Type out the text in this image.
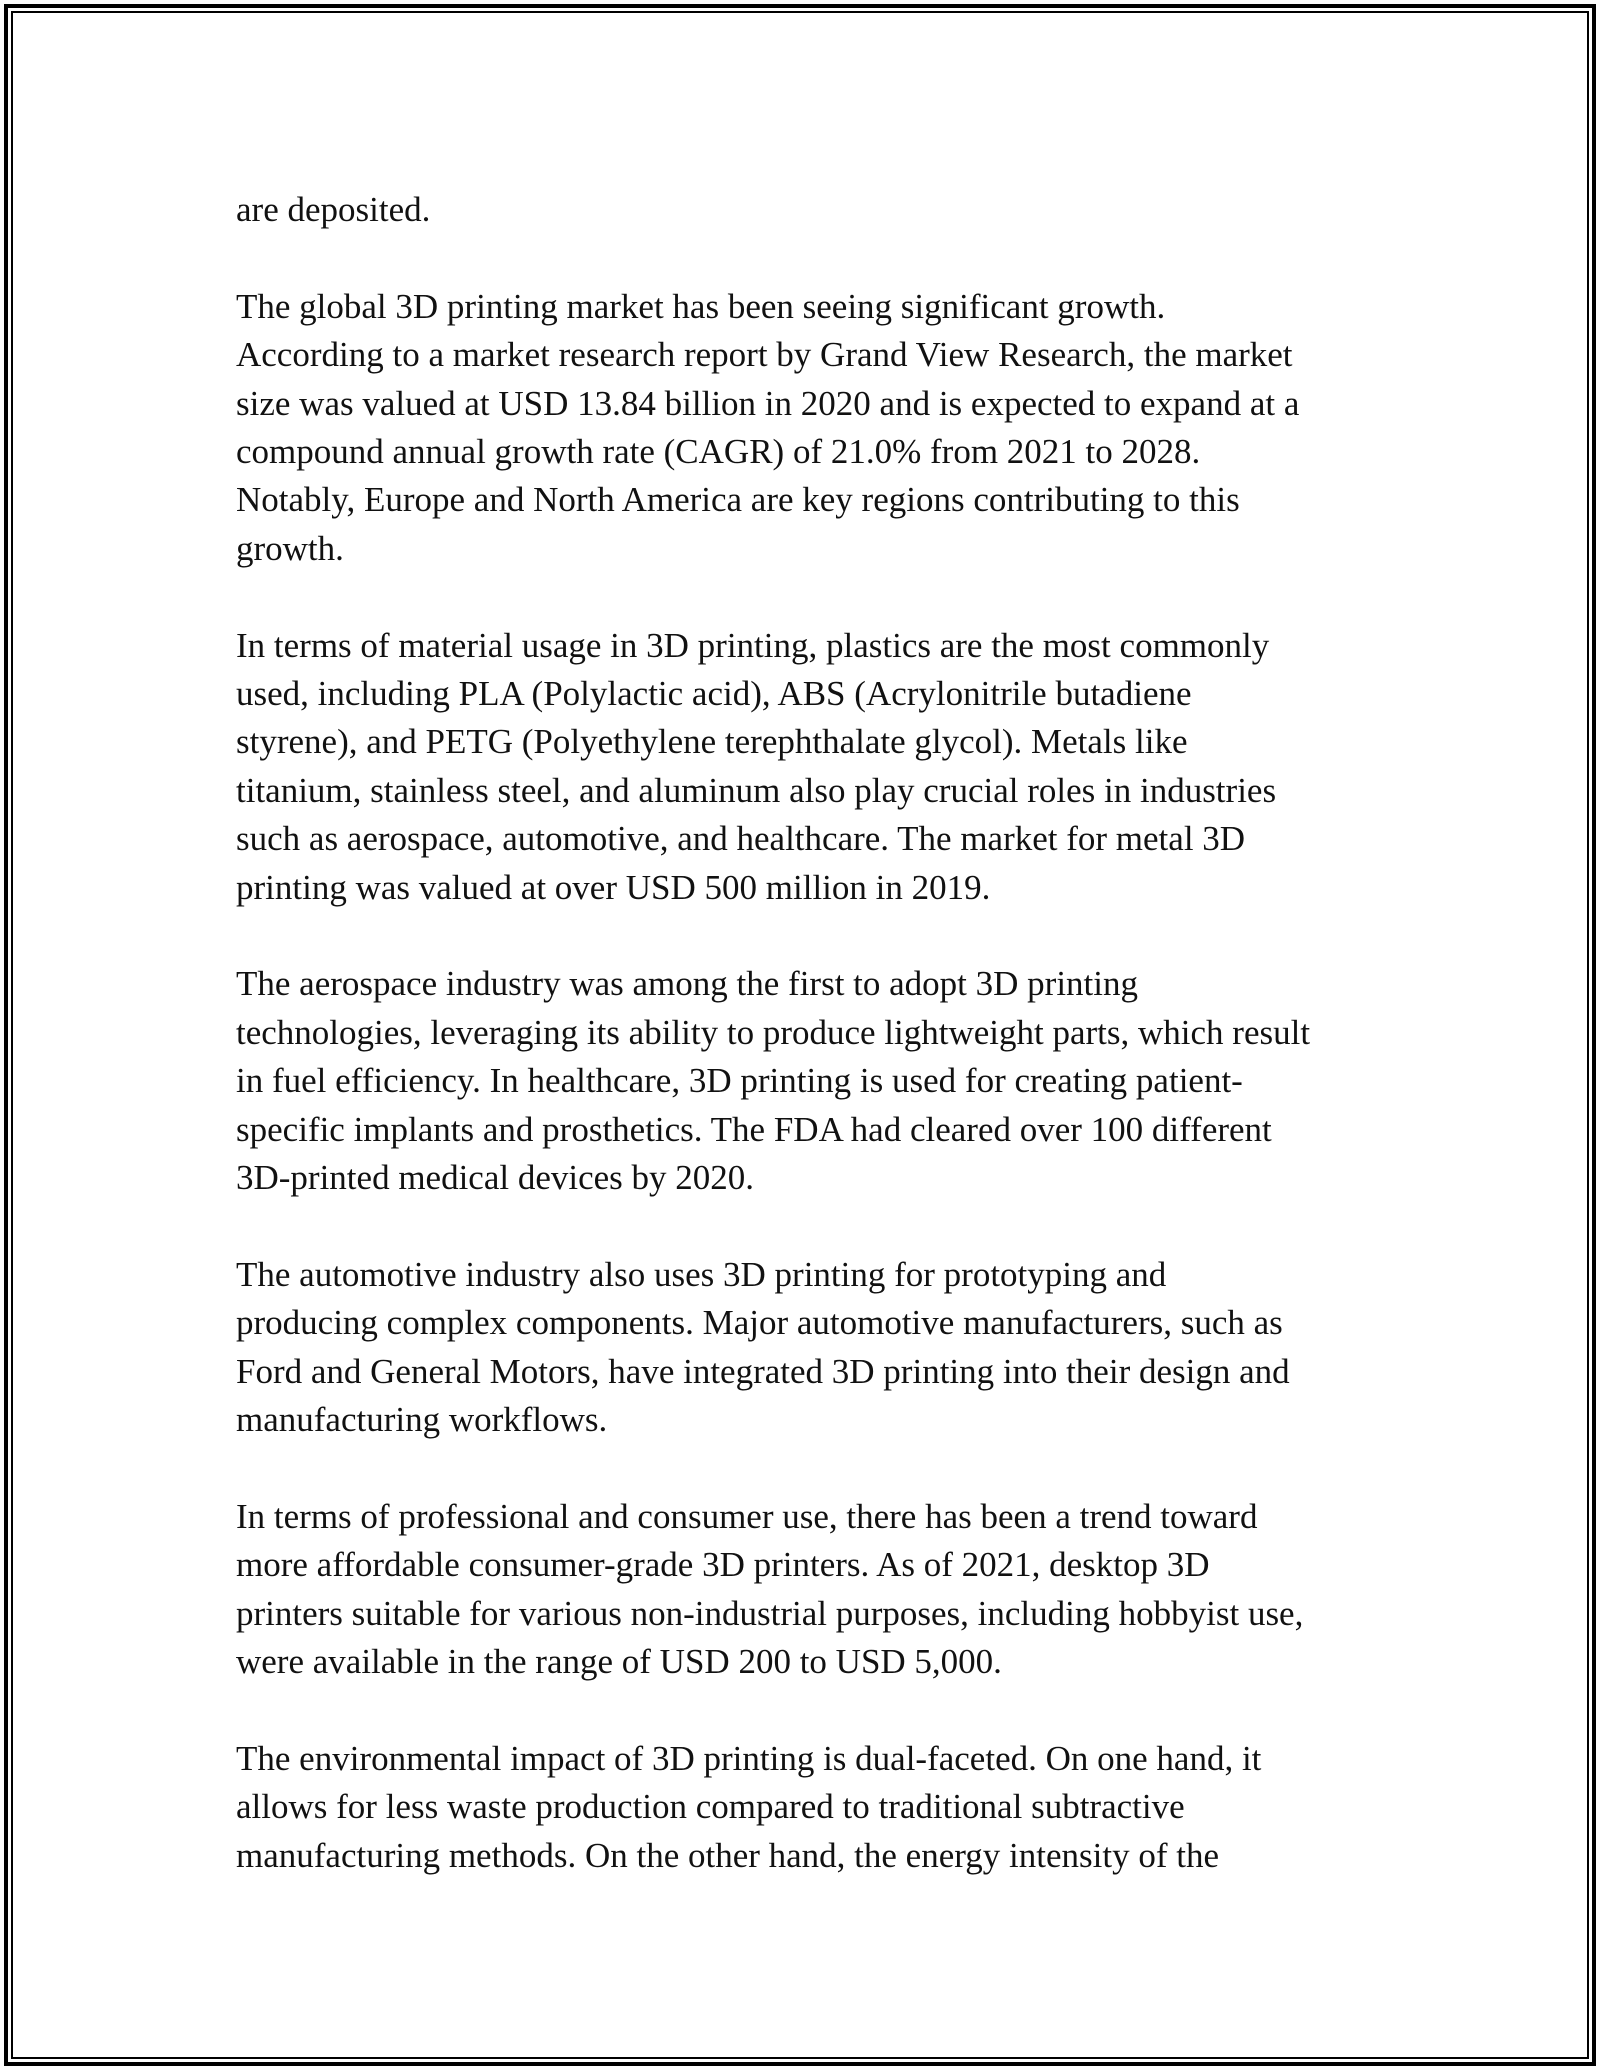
are deposited.
The global 3D printing market has been seeing significant growth.
According to a market research report by Grand View Research, the market
size was valued at USD 13.84 billion in 2020 and is expected to expand at a
compound annual growth rate (CAGR) of 21.0% from 2021 to 2028.
Notably, Europe and North America are key regions contributing to this
growth.
In terms of material usage in 3D printing, plastics are the most commonly
used, including PLA (Polylactic acid), ABS (Acrylonitrile butadiene
styrene), and PETG (Polyethylene terephthalate glycol). Metals like
titanium, stainless steel, and aluminum also play crucial roles in industries
such as aerospace, automotive, and healthcare. The market for metal 3D
printing was valued at over USD 500 million in 2019.
The aerospace industry was among the first to adopt 3D printing
technologies, leveraging its ability to produce lightweight parts, which result
in fuel efficiency. In healthcare, 3D printing is used for creating patient-
specific implants and prosthetics. The FDA had cleared over 100 different
3D-printed medical devices by 2020.
The automotive industry also uses 3D printing for prototyping and
producing complex components. Major automotive manufacturers, such as
Ford and General Motors, have integrated 3D printing into their design and
manufacturing workflows.
In terms of professional and consumer use, there has been a trend toward
more affordable consumer-grade 3D printers. As of 2021, desktop 3D
printers suitable for various non-industrial purposes, including hobbyist use,
were available in the range of USD 200 to USD 5,000.
The environmental impact of 3D printing is dual-faceted. On one hand, it
allows for less waste production compared to traditional subtractive
manufacturing methods. On the other hand, the energy intensity of the
